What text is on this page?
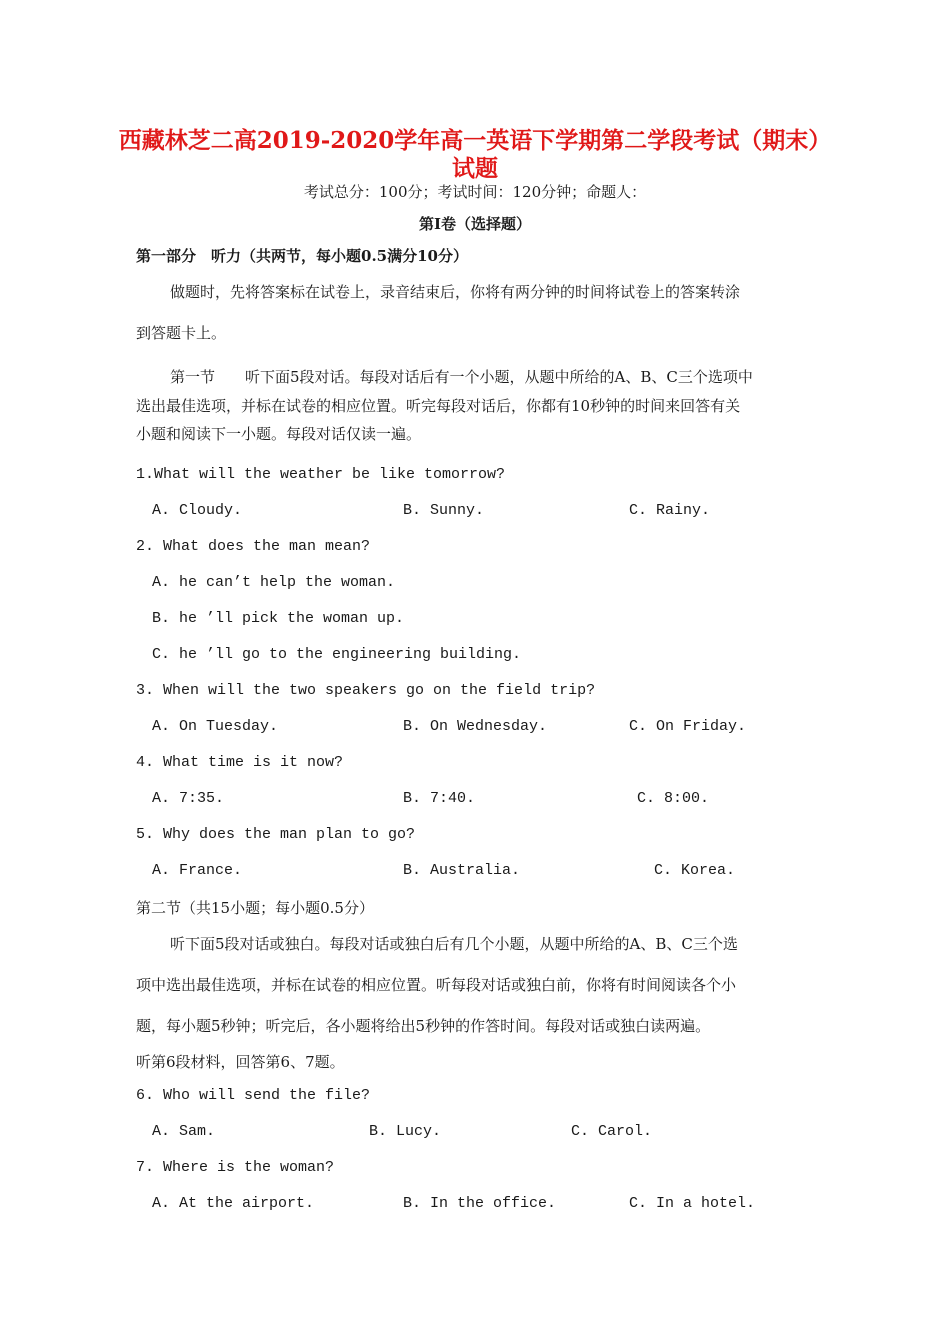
西藏林芝二高2019-2020学年高一英语下学期第二学段考试（期末）
试题
考试总分：100分；考试时间：120分钟；命题人：
第Ⅰ卷（选择题）
第一部分　听力（共两节，每小题0.5满分10分）
做题时，先将答案标在试卷上，录音结束后，你将有两分钟的时间将试卷上的答案转涂
到答题卡上。
第一节　　听下面5段对话。每段对话后有一个小题，从题中所给的A、B、C三个选项中
选出最佳选项，并标在试卷的相应位置。听完每段对话后，你都有10秒钟的时间来回答有关
小题和阅读下一小题。每段对话仅读一遍。
1.What will the weather be like tomorrow?
A. Cloudy.	B. Sunny.	C. Rainy.
2. What does the man mean?
A. he can’t help the woman.
B. he ’ll pick the woman up.
C. he ’ll go to the engineering building.
3. When will the two speakers go on the field trip?
A. On Tuesday.	B. On Wednesday.	C. On Friday.
4. What time is it now?
A. 7:35.	B. 7:40.	C. 8:00.
5. Why does the man plan to go?
A. France.	B. Australia.	C. Korea.
第二节（共15小题；每小题0.5分）
听下面5段对话或独白。每段对话或独白后有几个小题，从题中所给的A、B、C三个选
项中选出最佳选项，并标在试卷的相应位置。听每段对话或独白前，你将有时间阅读各个小
题，每小题5秒钟；听完后，各小题将给出5秒钟的作答时间。每段对话或独白读两遍。
听第6段材料，回答第6、7题。
6. Who will send the file?
A. Sam.	B. Lucy.	C. Carol.
7. Where is the woman?
A. At the airport.	B. In the office.	C. In a hotel.
